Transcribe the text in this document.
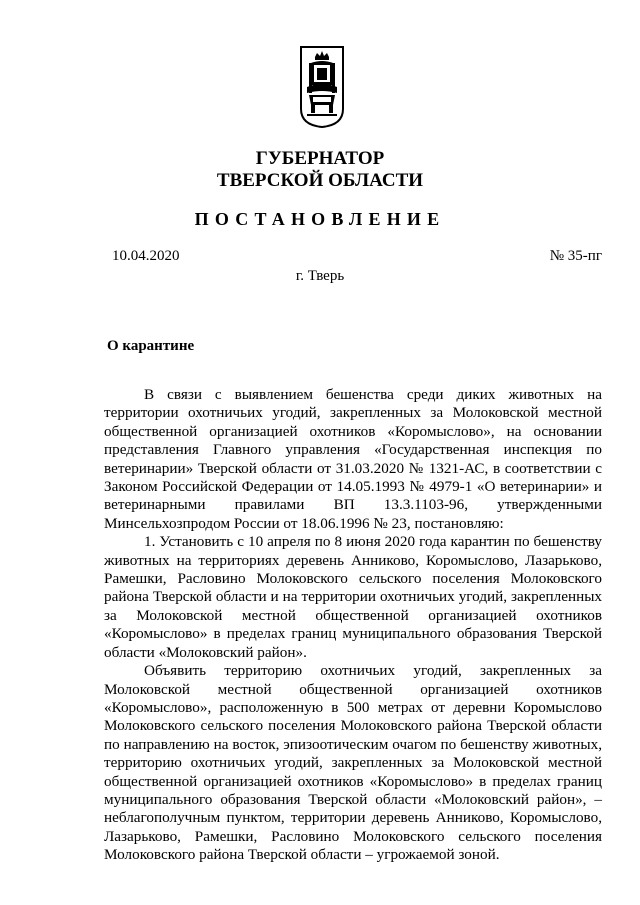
ГУБЕРНАТОР
ТВЕРСКОЙ ОБЛАСТИ
ПОСТАНОВЛЕНИЕ
10.04.2020	№ 35-пг
г. Тверь
О карантине

В связи с выявлением бешенства среди диких животных на территории охотничьих угодий, закрепленных за Молоковской местной общественной организацией охотников «Коромыслово», на основании представления Главного управления «Государственная инспекция по ветеринарии» Тверской области от 31.03.2020 № 1321-АС, в соответствии с Законом Российской Федерации от 14.05.1993 № 4979-1 «О ветеринарии» и ветеринарными правилами ВП 13.3.1103-96, утвержденными Минсельхозпродом России от 18.06.1996 № 23, постановляю:

1. Установить с 10 апреля по 8 июня 2020 года карантин по бешенству животных на территориях деревень Анниково, Коромыслово, Лазарьково, Рамешки, Расловино Молоковского сельского поселения Молоковского района Тверской области и на территории охотничьих угодий, закрепленных за Молоковской местной общественной организацией охотников «Коромыслово» в пределах границ муниципального образования Тверской области «Молоковский район».

Объявить территорию охотничьих угодий, закрепленных за Молоковской местной общественной организацией охотников «Коромыслово», расположенную в 500 метрах от деревни Коромыслово Молоковского сельского поселения Молоковского района Тверской области по направлению на восток, эпизоотическим очагом по бешенству животных, территорию охотничьих угодий, закрепленных за Молоковской местной общественной организацией охотников «Коромыслово» в пределах границ муниципального образования Тверской области «Молоковский район», – неблагополучным пунктом, территории деревень Анниково, Коромыслово, Лазарьково, Рамешки, Расловино Молоковского сельского поселения Молоковского района Тверской области – угрожаемой зоной.
